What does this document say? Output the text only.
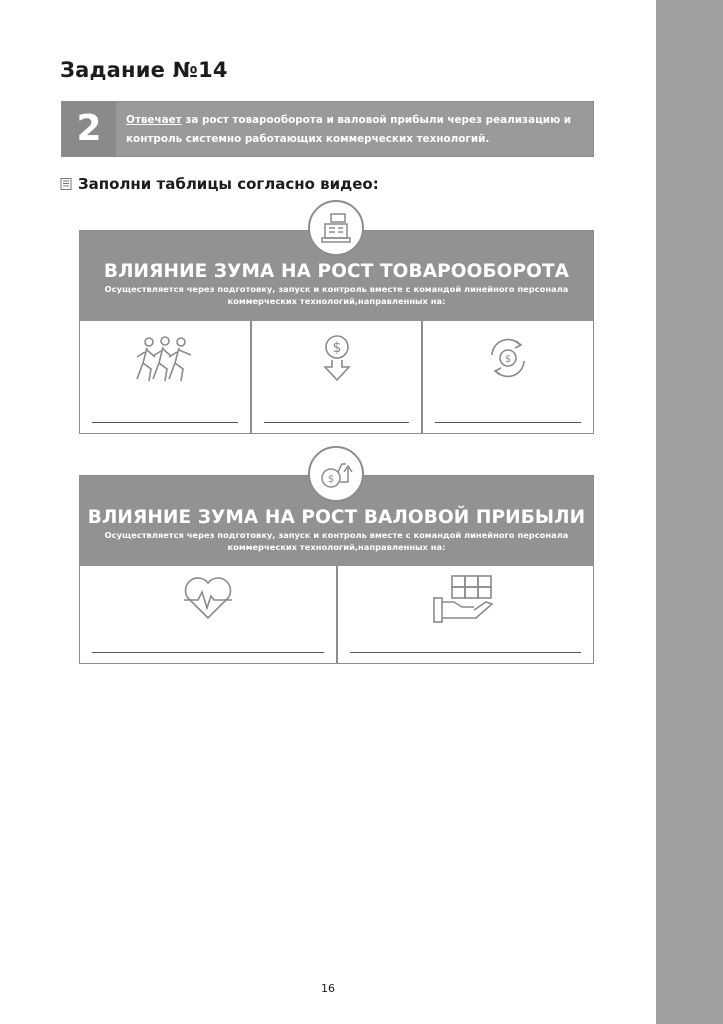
Задание №14
2	Отвечает за рост товарооборота и валовой прибыли через реализацию и
контроль системно работающих коммерческих технологий.
Заполни таблицы согласно видео:
ВЛИЯНИЕ ЗУМА НА РОСТ ТОВАРООБОРОТА

Осуществляется через подготовку, запуск и контроль вместе с командой линейного персонала

коммерческих технологий,направленных на:

$
$
ВЛИЯНИЕ ЗУМА НА РОСТ ВАЛОВОЙ ПРИБЫЛИ

Осуществляется через подготовку, запуск и контроль вместе с командой линейного персонала

коммерческих технологий,направленных на:

$
16
